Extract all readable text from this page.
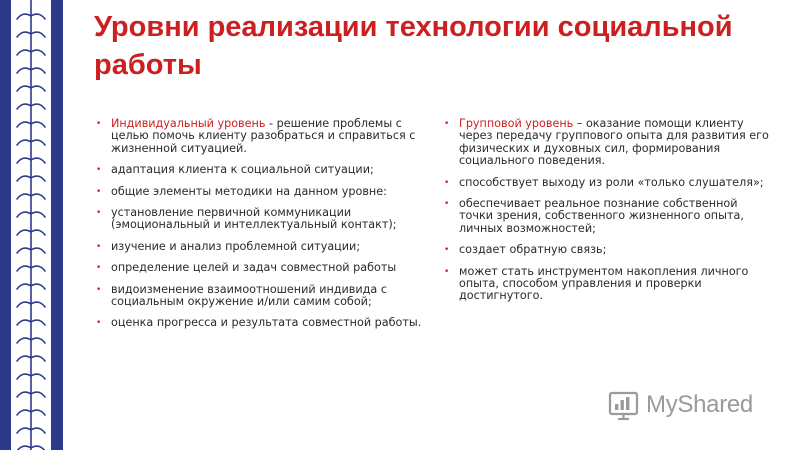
Уровни реализации технологии социальной работы
• Индивидуальный уровень - решение проблемы с целью помочь клиенту разобраться и справиться с жизненной ситуацией.
• адаптация клиента к социальной ситуации;
• общие элементы методики на данном уровне:
• установление первичной коммуникации (эмоциональный и интеллектуальный контакт);
• изучение и анализ проблемной ситуации;
• определение целей и задач совместной работы
• видоизменение взаимоотношений индивида с социальным окружение и/или самим собой;
• оценка прогресса и результата совместной работы.
• Групповой уровень – оказание помощи клиенту через передачу группового опыта для развития его физических и духовных сил, формирования социального поведения.
• способствует выходу из роли «только слушателя»;
• обеспечивает реальное познание собственной точки зрения, собственного жизненного опыта, личных возможностей;
• создает обратную связь;
• может стать инструментом накопления личного опыта, способом управления и проверки достигнутого.
MyShared
